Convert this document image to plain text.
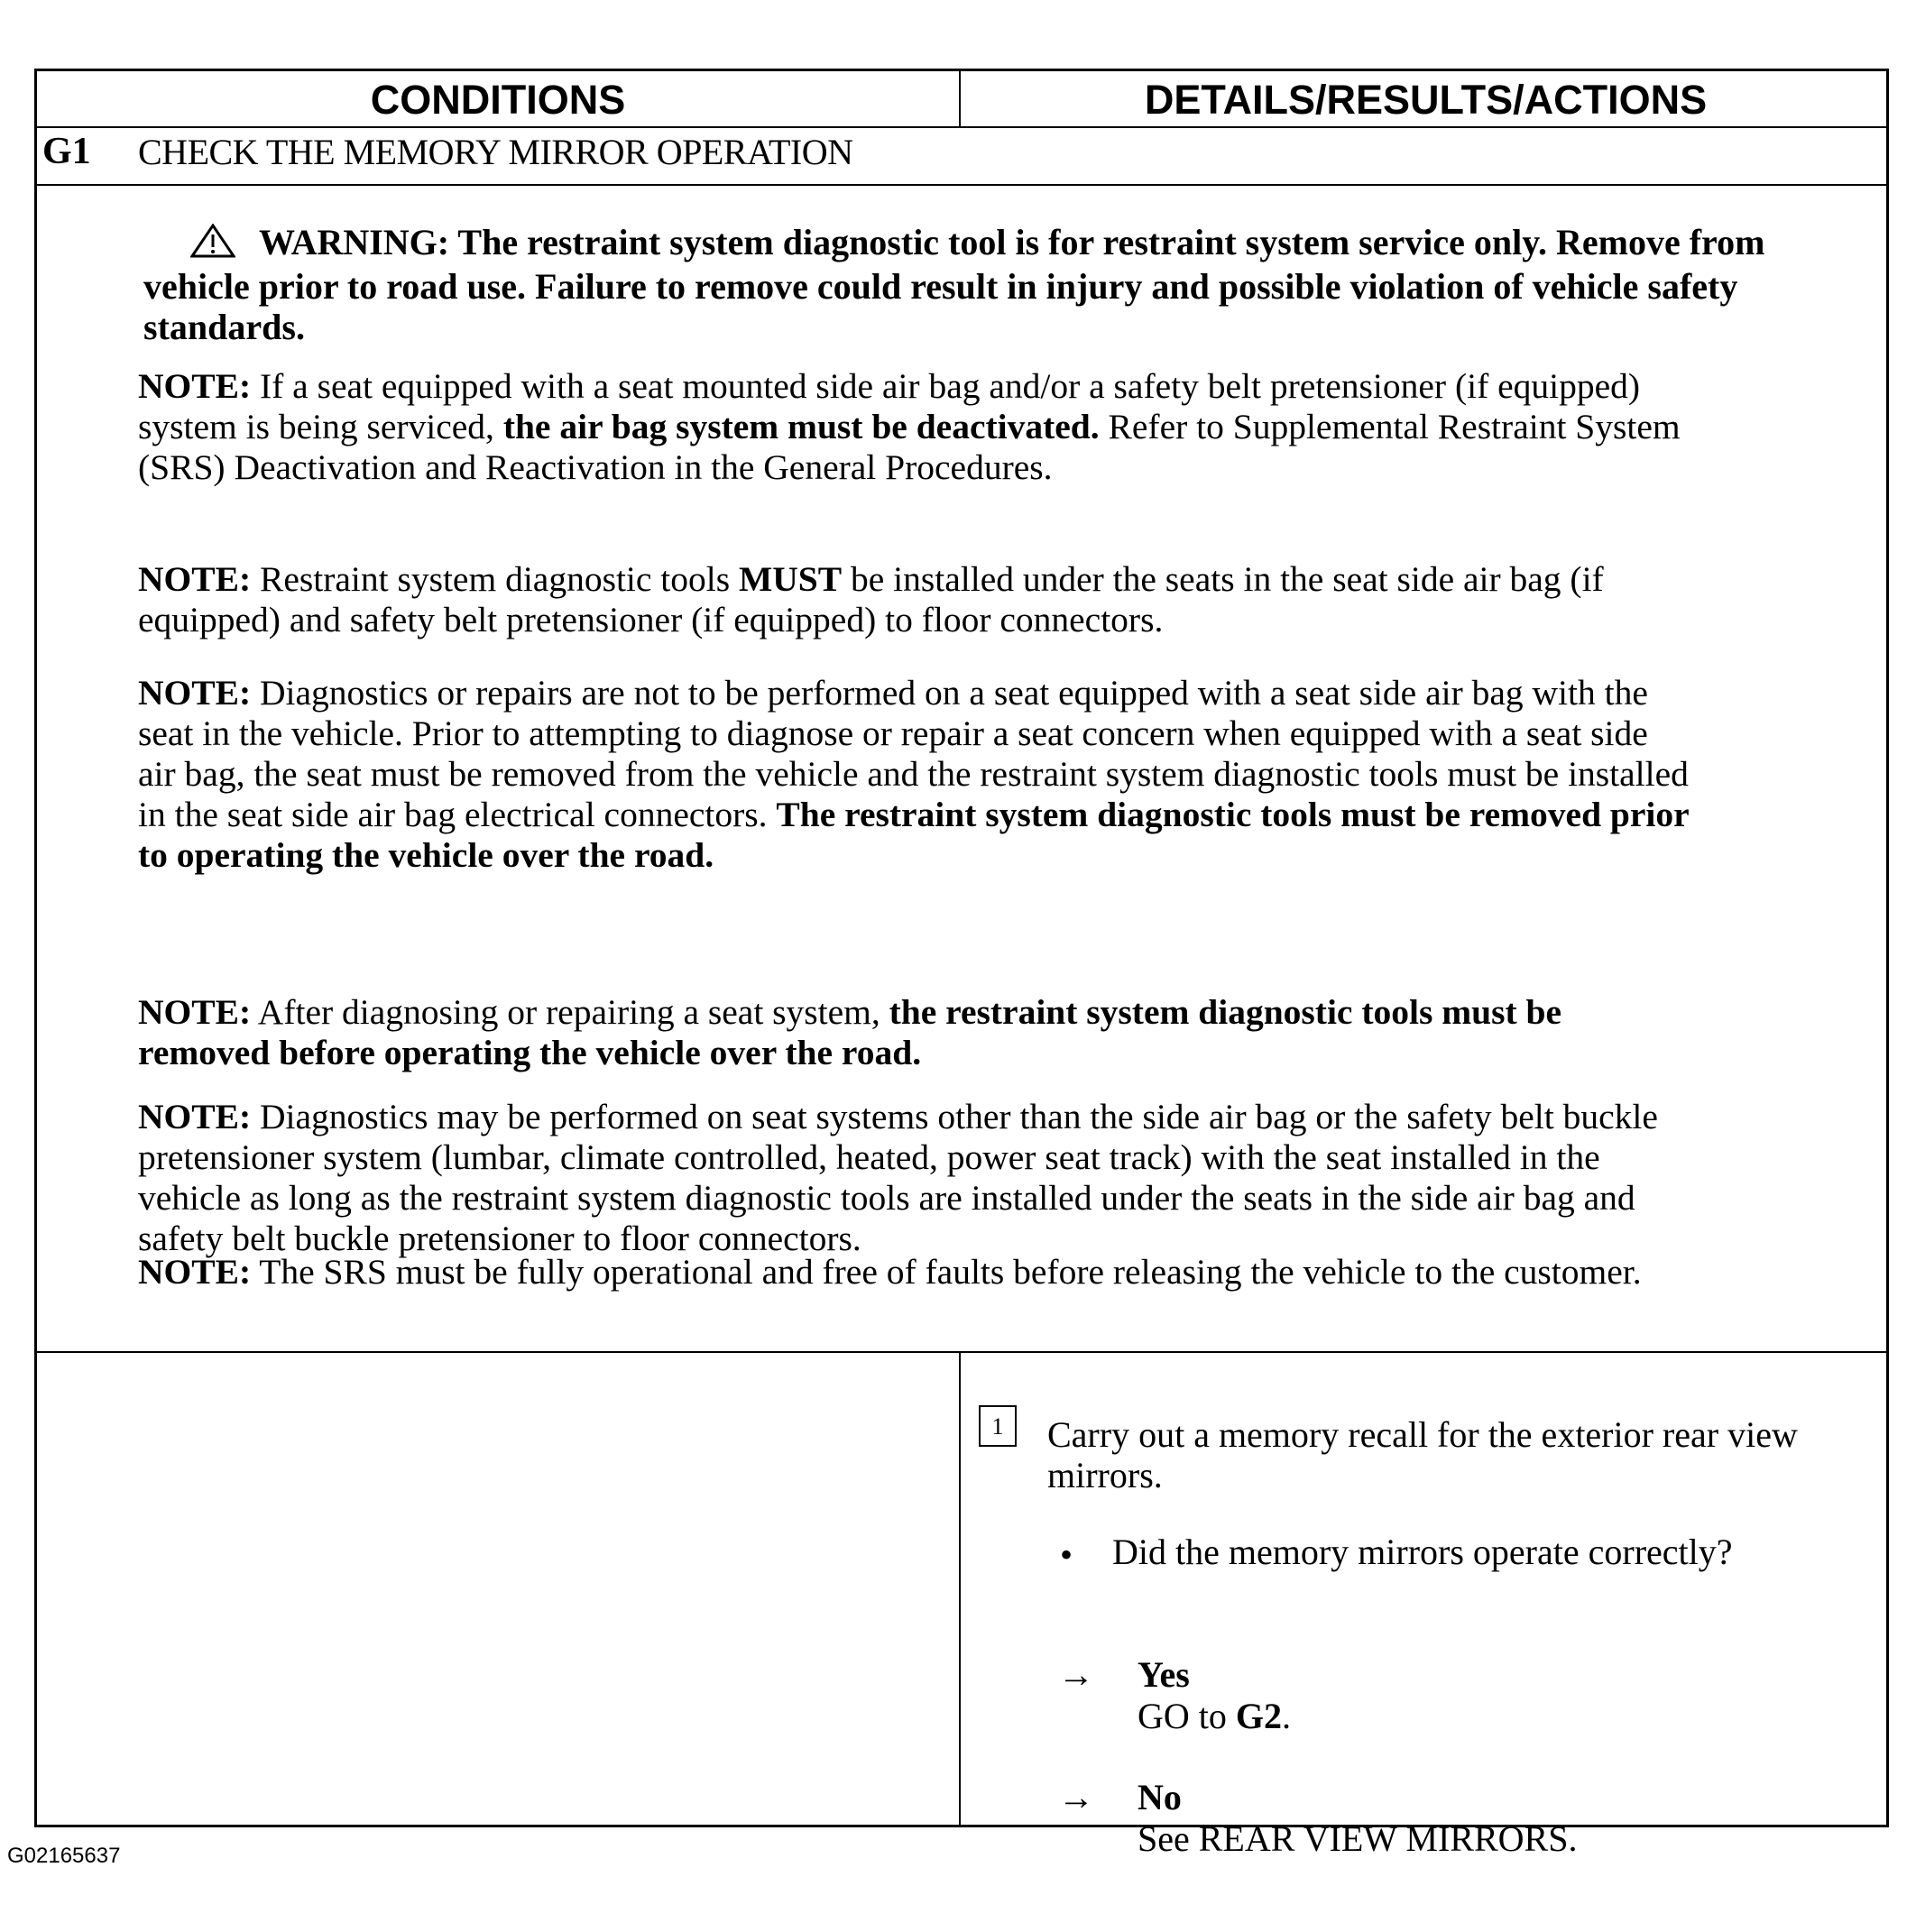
CONDITIONS	DETAILS/RESULTS/ACTIONS
G1 CHECK THE MEMORY MIRROR OPERATION
WARNING: The restraint system diagnostic tool is for restraint system service only. Remove from vehicle prior to road use. Failure to remove could result in injury and possible violation of vehicle safety standards.
NOTE: If a seat equipped with a seat mounted side air bag and/or a safety belt pretensioner (if equipped) system is being serviced, the air bag system must be deactivated. Refer to Supplemental Restraint System (SRS) Deactivation and Reactivation in the General Procedures.
NOTE: Restraint system diagnostic tools MUST be installed under the seats in the seat side air bag (if equipped) and safety belt pretensioner (if equipped) to floor connectors.
NOTE: Diagnostics or repairs are not to be performed on a seat equipped with a seat side air bag with the seat in the vehicle. Prior to attempting to diagnose or repair a seat concern when equipped with a seat side air bag, the seat must be removed from the vehicle and the restraint system diagnostic tools must be installed in the seat side air bag electrical connectors. The restraint system diagnostic tools must be removed prior to operating the vehicle over the road.
NOTE: After diagnosing or repairing a seat system, the restraint system diagnostic tools must be removed before operating the vehicle over the road.
NOTE: Diagnostics may be performed on seat systems other than the side air bag or the safety belt buckle pretensioner system (lumbar, climate controlled, heated, power seat track) with the seat installed in the vehicle as long as the restraint system diagnostic tools are installed under the seats in the side air bag and safety belt buckle pretensioner to floor connectors.
NOTE: The SRS must be fully operational and free of faults before releasing the vehicle to the customer.
1	Carry out a memory recall for the exterior rear view mirrors.
• Did the memory mirrors operate correctly?
→ Yes
GO to G2.
→ No
See REAR VIEW MIRRORS.
G02165637
